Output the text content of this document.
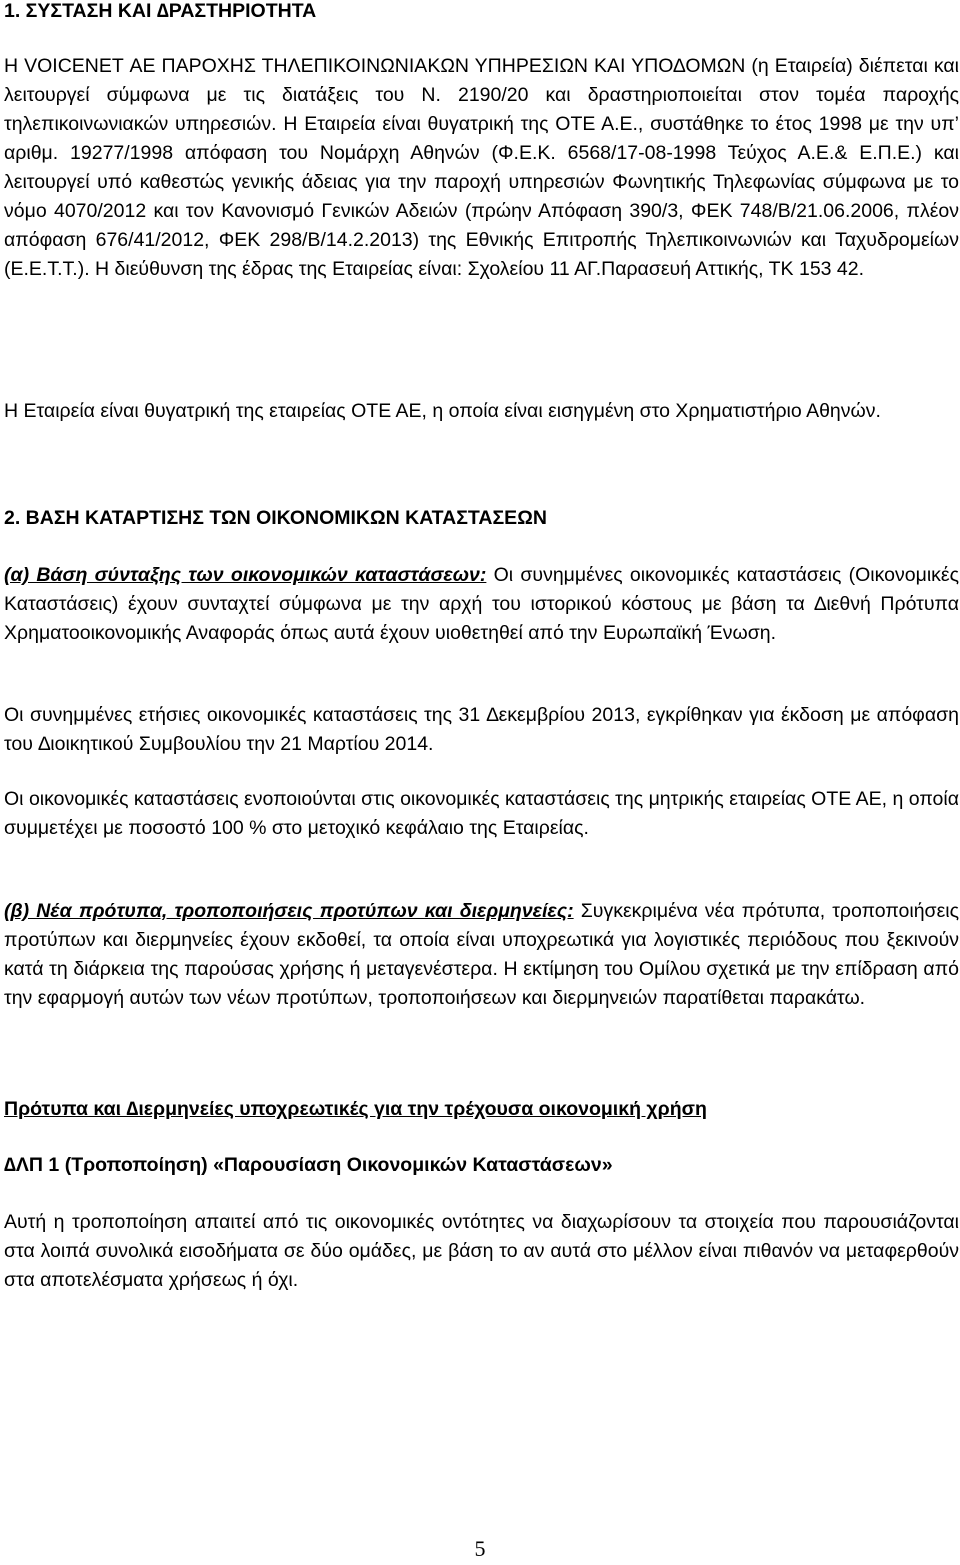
1. ΣΥΣΤΑΣΗ ΚΑΙ ∆ΡΑΣΤΗΡΙΟΤΗΤΑ

Η VOICENET ΑΕ ΠΑΡΟΧΗΣ ΤΗΛΕΠΙΚΟΙΝΩΝΙΑΚΩΝ ΥΠΗΡΕΣΙΩΝ ΚΑΙ ΥΠΟ∆ΟΜΩΝ (η Εταιρεία) διέπεται και λειτουργεί σύμφωνα με τις διατάξεις του Ν. 2190/20 και δραστηριοποιείται στον τομέα παροχής τηλεπικοινωνιακών υπηρεσιών. Η Εταιρεία είναι θυγατρική της ΟΤΕ Α.Ε., συστάθηκε το έτος 1998 με την υπ’ αριθμ. 19277/1998 απόφαση του Νομάρχη Αθηνών (Φ.Ε.Κ. 6568/17-08-1998 Τεύχος Α.Ε.& Ε.Π.Ε.) και λειτουργεί υπό καθεστώς γενικής άδειας για την παροχή υπηρεσιών Φωνητικής Τηλεφωνίας σύμφωνα με το νόμο 4070/2012 και τον Κανονισμό Γενικών Αδειών (πρώην Απόφαση 390/3, ΦΕΚ 748/Β/21.06.2006, πλέον απόφαση 676/41/2012, ΦΕΚ 298/Β/14.2.2013) της Εθνικής Επιτροπής Τηλεπικοινωνιών και Ταχυδρομείων (Ε.Ε.Τ.Τ.). Η διεύθυνση της έδρας της Εταιρείας είναι: Σχολείου 11 ΑΓ.Παρασευή Αττικής, ΤΚ 153 42.

Η Εταιρεία είναι θυγατρική της εταιρείας ΟΤΕ ΑΕ, η οποία είναι εισηγμένη στο Χρηματιστήριο Αθηνών.

2. ΒΑΣΗ ΚΑΤΑΡΤΙΣΗΣ ΤΩΝ ΟΙΚΟΝΟΜΙΚΩΝ ΚΑΤΑΣΤΑΣΕΩΝ

(α) Βάση σύνταξης των οικονομικών καταστάσεων: Οι συνημμένες οικονομικές καταστάσεις (Οικονομικές Καταστάσεις) έχουν συνταχτεί σύμφωνα με την αρχή του ιστορικού κόστους με βάση τα ∆ιεθνή Πρότυπα Χρηματοοικονομικής Αναφοράς όπως αυτά έχουν υιοθετηθεί από την Ευρωπαϊκή Ένωση.

Οι συνημμένες ετήσιες οικονομικές καταστάσεις της 31 ∆εκεμβρίου 2013, εγκρίθηκαν για έκδοση με απόφαση του ∆ιοικητικού Συμβουλίου την 21 Μαρτίου 2014.

Οι οικονομικές καταστάσεις ενοποιούνται στις οικονομικές καταστάσεις της μητρικής εταιρείας ΟΤΕ ΑΕ, η οποία συμμετέχει με ποσοστό 100 % στο μετοχικό κεφάλαιο της Εταιρείας.

(β) Νέα πρότυπα, τροποποιήσεις προτύπων και διερμηνείες: Συγκεκριμένα νέα πρότυπα, τροποποιήσεις προτύπων και διερμηνείες έχουν εκδοθεί, τα οποία είναι υποχρεωτικά για λογιστικές περιόδους που ξεκινούν κατά τη διάρκεια της παρούσας χρήσης ή μεταγενέστερα. Η εκτίμηση του Ομίλου σχετικά με την επίδραση από την εφαρμογή αυτών των νέων προτύπων, τροποποιήσεων και διερμηνειών παρατίθεται παρακάτω.

Πρότυπα και ∆ιερμηνείες υποχρεωτικές για την τρέχουσα οικονομική χρήση
∆ΛΠ 1 (Τροποποίηση) «Παρουσίαση Οικονομικών Καταστάσεων»

Αυτή η τροποποίηση απαιτεί από τις οικονομικές οντότητες να διαχωρίσουν τα στοιχεία που παρουσιάζονται στα λοιπά συνολικά εισοδήματα σε δύο ομάδες, με βάση το αν αυτά στο μέλλον είναι πιθανόν να μεταφερθούν στα αποτελέσματα χρήσεως ή όχι.

5
